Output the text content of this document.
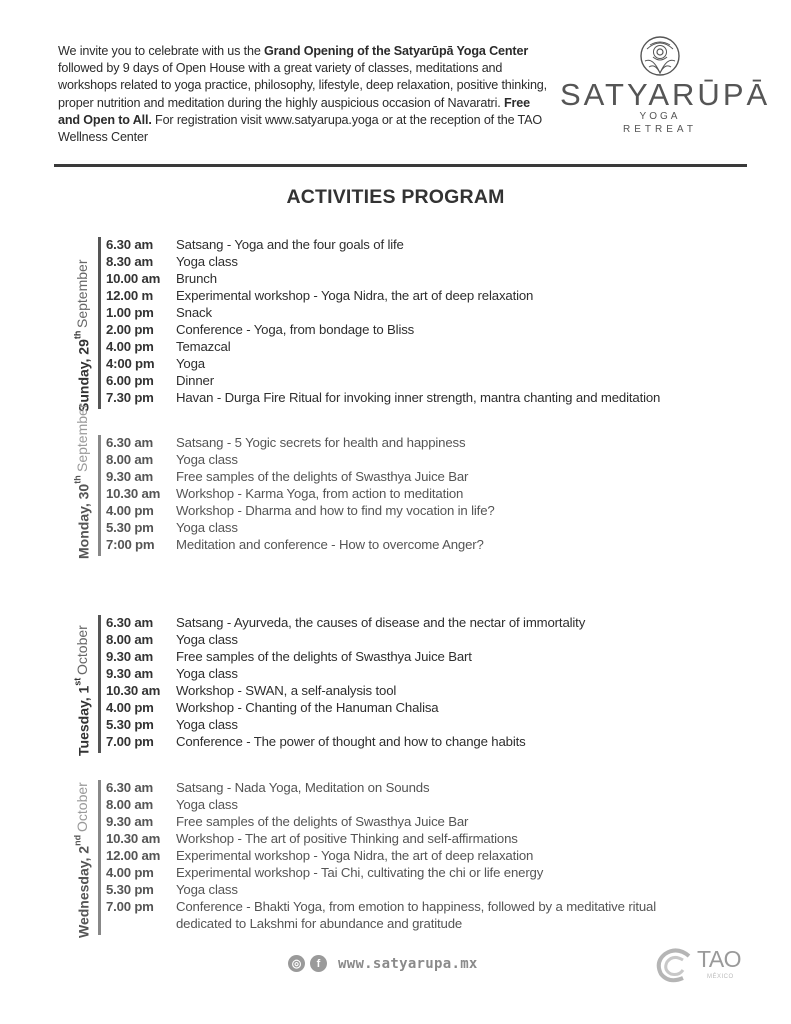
We invite you to celebrate with us the Grand Opening of the Satyarūpā Yoga Center followed by 9 days of Open House with a great variety of classes, meditations and workshops related to yoga practice, philosophy, lifestyle, deep relaxation, positive thinking, proper nutrition and meditation during the highly auspicious occasion of Navaratri. Free and Open to All. For registration visit www.satyarupa.yoga or at the reception of the TAO Wellness Center
SATYARŪPĀ
YOGA
RETREAT
ACTIVITIES PROGRAM
Sunday, 29th
September
6.30 am	Satsang - Yoga and the four goals of life
8.30 am	Yoga class
10.00 am	Brunch
12.00 m	Experimental workshop - Yoga Nidra, the art of deep relaxation
1.00 pm	Snack
2.00 pm	Conference - Yoga, from bondage to Bliss
4.00 pm	Temazcal
4:00 pm	Yoga
6.00 pm	Dinner
7.30 pm	Havan - Durga Fire Ritual for invoking inner strength, mantra chanting and meditation
Monday, 30th
September 6.30 am	Satsang - 5 Yogic secrets for health and happiness
8.00 am	Yoga class
9.30 am	Free samples of the delights of Swasthya Juice Bar
10.30 am	Workshop - Karma Yoga, from action to meditation
4.00 pm	Workshop - Dharma and how to find my vocation in life?
5.30 pm	Yoga class
7:00 pm	Meditation and conference - How to overcome Anger?
Tuesday, 1st
October
6.30 am	Satsang - Ayurveda, the causes of disease and the nectar of immortality
8.00 am	Yoga class
9.30 am	Free samples of the delights of Swasthya Juice Bart
9.30 am	Yoga class
10.30 am	Workshop - SWAN, a self-analysis tool
4.00 pm	Workshop - Chanting of the Hanuman Chalisa
5.30 pm	Yoga class
7.00 pm	Conference - The power of thought and how to change habits
Wednesday, 2nd
October 6.30 am	Satsang - Nada Yoga, Meditation on Sounds
8.00 am	Yoga class
9.30 am	Free samples of the delights of Swasthya Juice Bar
10.30 am	Workshop - The art of positive Thinking and self-affirmations
12.00 am	Experimental workshop - Yoga Nidra, the art of deep relaxation
4.00 pm	Experimental workshop - Tai Chi, cultivating the chi or life energy
5.30 pm	Yoga class
7.00 pm	Conference - Bhakti Yoga, from emotion to happiness, followed by a meditative ritual
dedicated to Lakshmi for abundance and gratitude
◎	f	www.satyarupa.mx	TAO
MÉXICO
